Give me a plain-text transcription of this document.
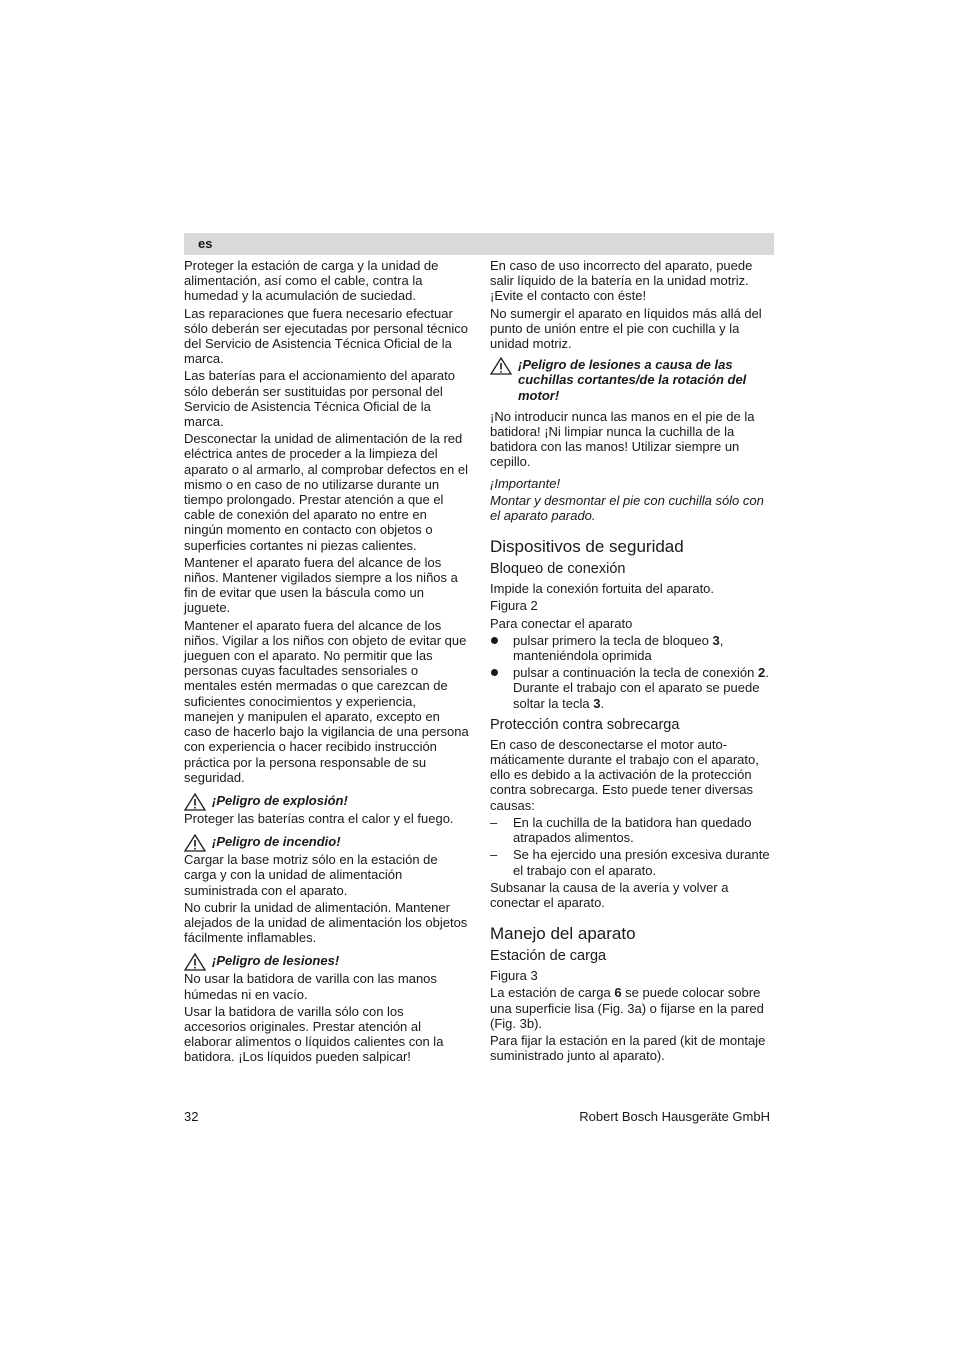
es

Proteger la estación de carga y la unidad de alimentación, así como el cable, contra la humedad y la acumulación de suciedad.

Las reparaciones que fuera necesario efectuar sólo deberán ser ejecutadas por personal técnico del Servicio de Asistencia Técnica Oficial de la marca.

Las baterías para el accionamiento del aparato sólo deberán ser sustituidas por personal del Servicio de Asistencia Técnica Oficial de la marca.

Desconectar la unidad de alimentación de la red eléctrica antes de proceder a la limpieza del aparato o al armarlo, al comprobar defectos en el mismo o en caso de no utilizarse durante un tiempo prolongado. Prestar atención a que el cable de conexión del aparato no entre en ningún momento en contacto con objetos o superficies cortantes ni piezas calientes.

Mantener el aparato fuera del alcance de los niños. Mantener vigilados siempre a los niños a fin de evitar que usen la báscula como un juguete.

Mantener el aparato fuera del alcance de los niños. Vigilar a los niños con objeto de evitar que jueguen con el aparato. No permitir que las personas cuyas facultades sensoriales o mentales estén mermadas o que carezcan de suficientes conocimientos y experiencia, manejen y manipulen el aparato, excepto en caso de hacerlo bajo la vigilancia de una persona con experiencia o hacer recibido instrucción práctica por la persona responsable de su seguridad.

¡Peligro de explosión!

Proteger las baterías contra el calor y el fuego.

¡Peligro de incendio!

Cargar la base motriz sólo en la estación de carga y con la unidad de alimentación suministrada con el aparato.

No cubrir la unidad de alimentación. Mantener alejados de la unidad de alimentación los objetos fácilmente inflamables.

¡Peligro de lesiones!

No usar la batidora de varilla con las manos húmedas ni en vacío.

Usar la batidora de varilla sólo con los accesorios originales. Prestar atención al elaborar alimentos o líquidos calientes con la batidora. ¡Los líquidos pueden salpicar!

En caso de uso incorrecto del aparato, puede salir líquido de la batería en la unidad motriz. ¡Evite el contacto con éste!

No sumergir el aparato en líquidos más allá del punto de unión entre el pie con cuchilla y la unidad motriz.

¡Peligro de lesiones a causa de las cuchillas cortantes/de la rotación del motor!

¡No introducir nunca las manos en el pie de la batidora! ¡Ni limpiar nunca la cuchilla de la batidora con las manos! Utilizar siempre un cepillo.

¡Importante!

Montar y desmontar el pie con cuchilla sólo con el aparato parado.

Dispositivos de seguridad
Bloqueo de conexión

Impide la conexión fortuita del aparato.

Figura 2

Para conectar el aparato

pulsar primero la tecla de bloqueo 3, manteniéndola oprimida
pulsar a continuación la tecla de conexión 2. Durante el trabajo con el aparato se puede soltar la tecla 3.
Protección contra sobrecarga

En caso de desconectarse el motor auto-máticamente durante el trabajo con el aparato, ello es debido a la activación de la protección contra sobrecarga. Esto puede tener diversas causas:

– En la cuchilla de la batidora han quedado atrapados alimentos.
– Se ha ejercido una presión excesiva durante el trabajo con el aparato.

Subsanar la causa de la avería y volver a conectar el aparato.

Manejo del aparato
Estación de carga

Figura 3

La estación de carga 6 se puede colocar sobre una superficie lisa (Fig. 3a) o fijarse en la pared (Fig. 3b).

Para fijar la estación en la pared (kit de montaje suministrado junto al aparato).

32	Robert Bosch Hausgeräte GmbH
